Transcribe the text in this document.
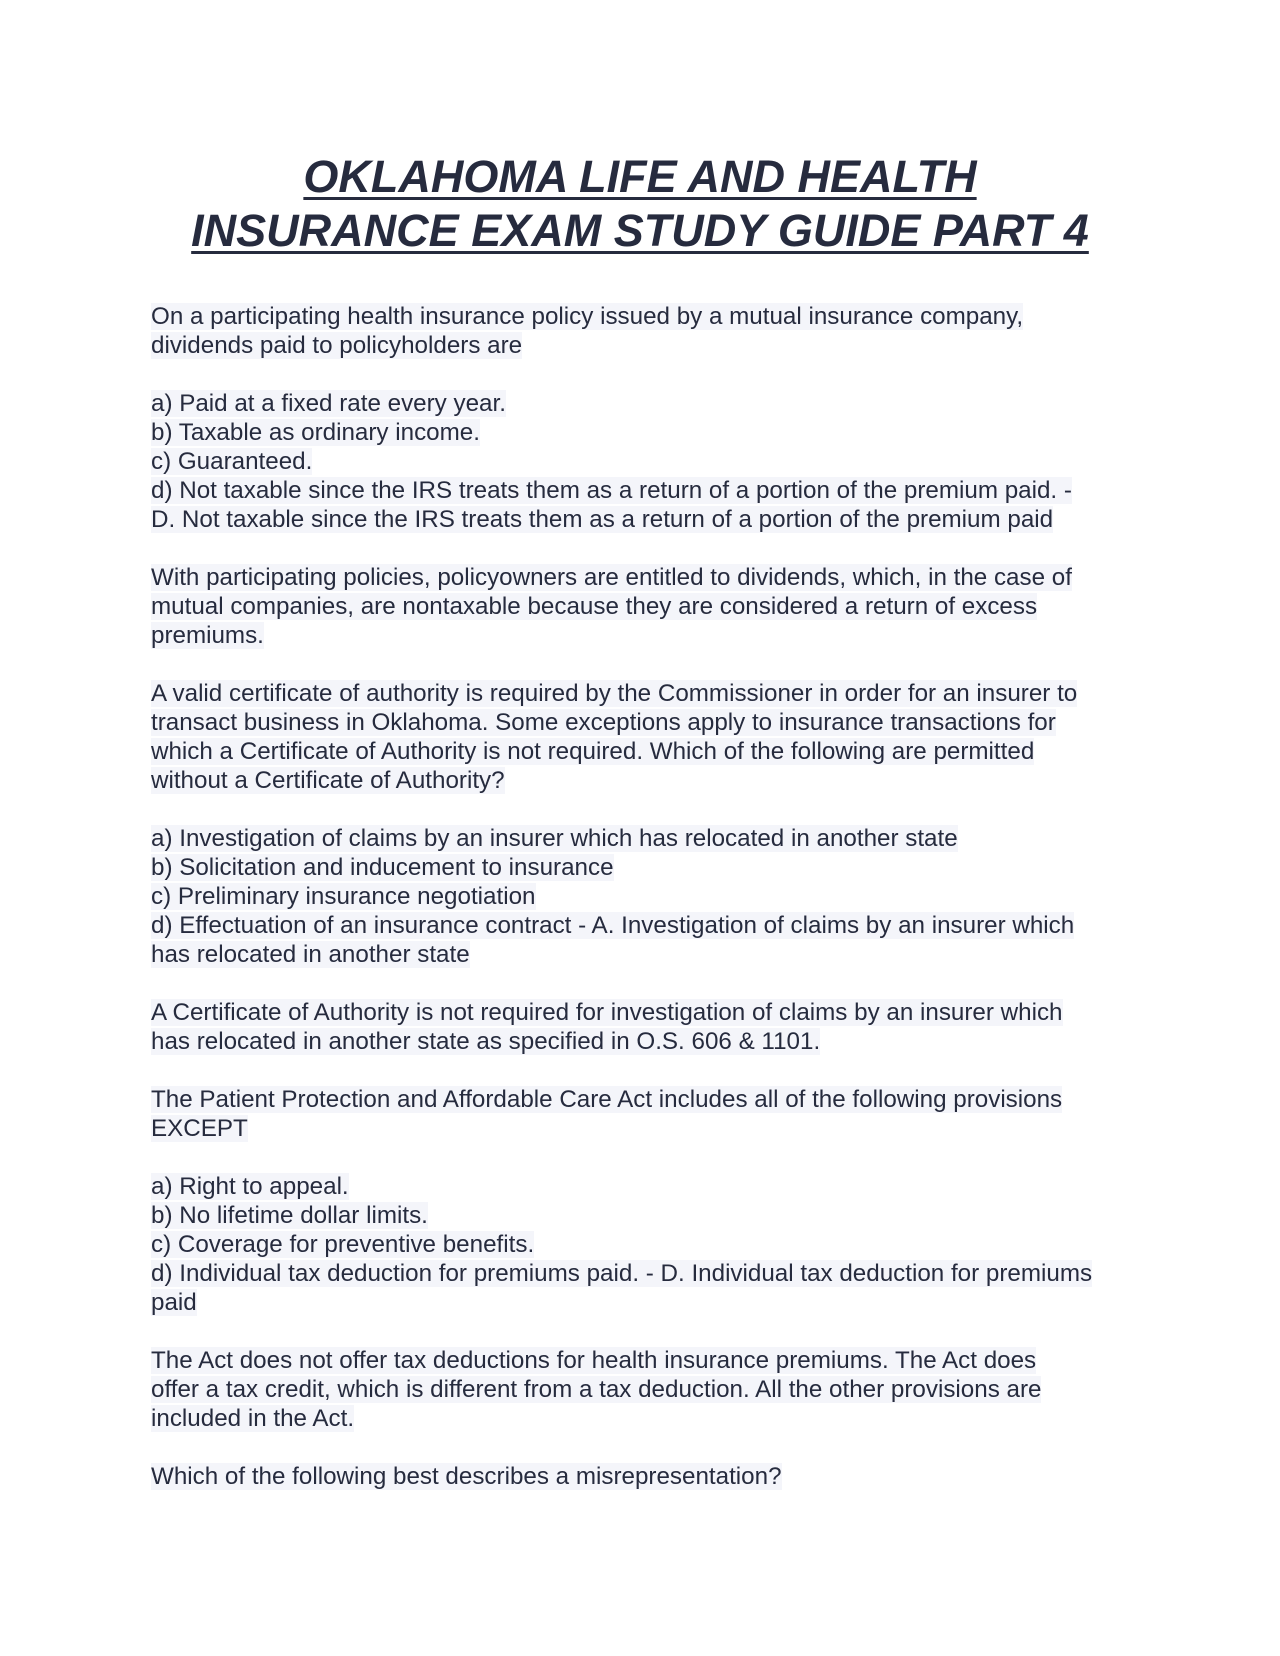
OKLAHOMA LIFE AND HEALTH
INSURANCE EXAM STUDY GUIDE PART 4
On a participating health insurance policy issued by a mutual insurance company,
dividends paid to policyholders are
a) Paid at a fixed rate every year.
b) Taxable as ordinary income.
c) Guaranteed.
d) Not taxable since the IRS treats them as a return of a portion of the premium paid. -
D. Not taxable since the IRS treats them as a return of a portion of the premium paid
With participating policies, policyowners are entitled to dividends, which, in the case of
mutual companies, are nontaxable because they are considered a return of excess
premiums.
A valid certificate of authority is required by the Commissioner in order for an insurer to
transact business in Oklahoma. Some exceptions apply to insurance transactions for
which a Certificate of Authority is not required. Which of the following are permitted
without a Certificate of Authority?
a) Investigation of claims by an insurer which has relocated in another state
b) Solicitation and inducement to insurance
c) Preliminary insurance negotiation
d) Effectuation of an insurance contract - A. Investigation of claims by an insurer which
has relocated in another state
A Certificate of Authority is not required for investigation of claims by an insurer which
has relocated in another state as specified in O.S. 606 & 1101.
The Patient Protection and Affordable Care Act includes all of the following provisions
EXCEPT
a) Right to appeal.
b) No lifetime dollar limits.
c) Coverage for preventive benefits.
d) Individual tax deduction for premiums paid. - D. Individual tax deduction for premiums
paid
The Act does not offer tax deductions for health insurance premiums. The Act does
offer a tax credit, which is different from a tax deduction. All the other provisions are
included in the Act.
Which of the following best describes a misrepresentation?
